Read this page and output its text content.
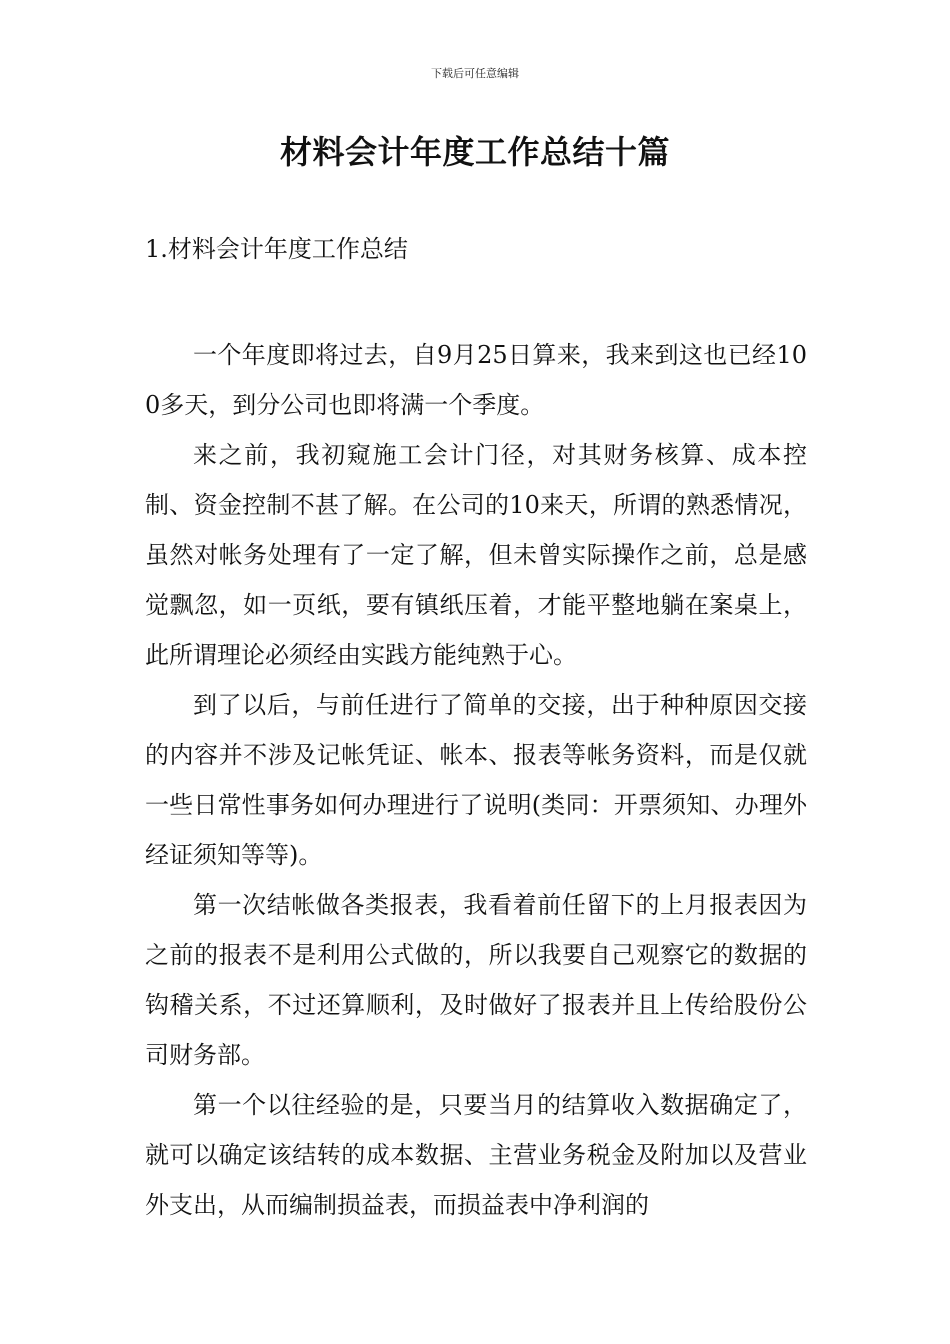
下载后可任意编辑
材料会计年度工作总结十篇
1.材料会计年度工作总结

一个年度即将过去，自9月25日算来，我来到这也已经100多天，到分公司也即将满一个季度。

来之前，我初窥施工会计门径，对其财务核算、成本控制、资金控制不甚了解。在公司的10来天，所谓的熟悉情况，虽然对帐务处理有了一定了解，但未曾实际操作之前，总是感觉飘忽，如一页纸，要有镇纸压着，才能平整地躺在案桌上，此所谓理论必须经由实践方能纯熟于心。

到了以后，与前任进行了简单的交接，出于种种原因交接的内容并不涉及记帐凭证、帐本、报表等帐务资料，而是仅就一些日常性事务如何办理进行了说明(类同：开票须知、办理外经证须知等等)。

第一次结帐做各类报表，我看着前任留下的上月报表因为之前的报表不是利用公式做的，所以我要自己观察它的数据的钩稽关系，不过还算顺利，及时做好了报表并且上传给股份公司财务部。

第一个以往经验的是，只要当月的结算收入数据确定了，就可以确定该结转的成本数据、主营业务税金及附加以及营业外支出，从而编制损益表，而损益表中净利润的
